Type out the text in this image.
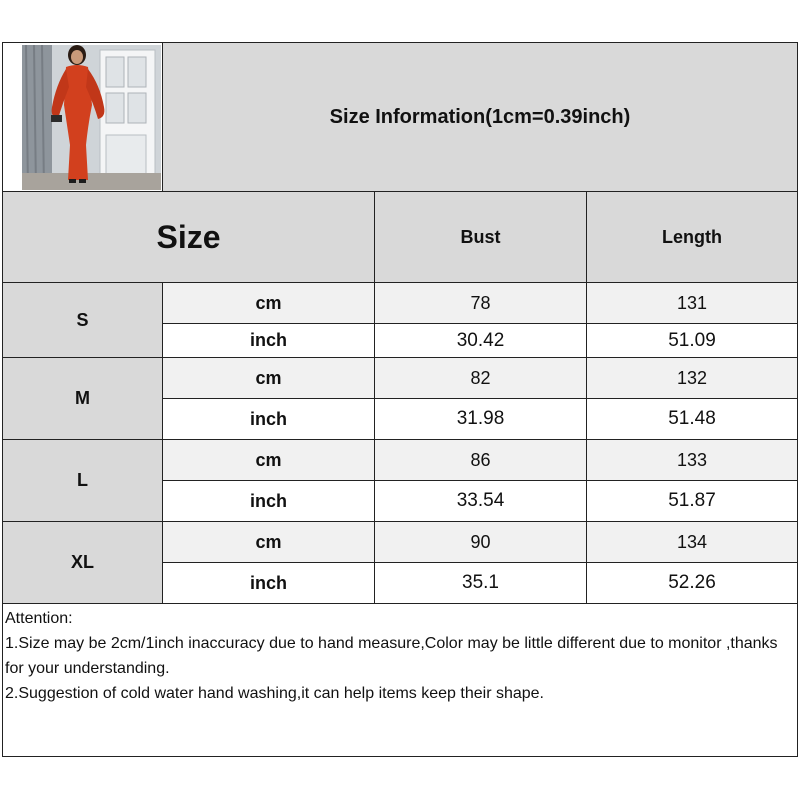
Size Information(1cm=0.39inch)
Size	Bust	Length
S
cm	78	131
inch	30.42	51.09
M
cm	82	132
inch	31.98	51.48
L
cm	86	133
inch	33.54	51.87
XL
cm	90	134
inch	35.1	52.26
Attention:
1.Size may be 2cm/1inch inaccuracy due to hand measure,Color may be little different due to monitor ,thanks for your understanding.
2.Suggestion of cold water hand washing,it can help items keep their shape.
